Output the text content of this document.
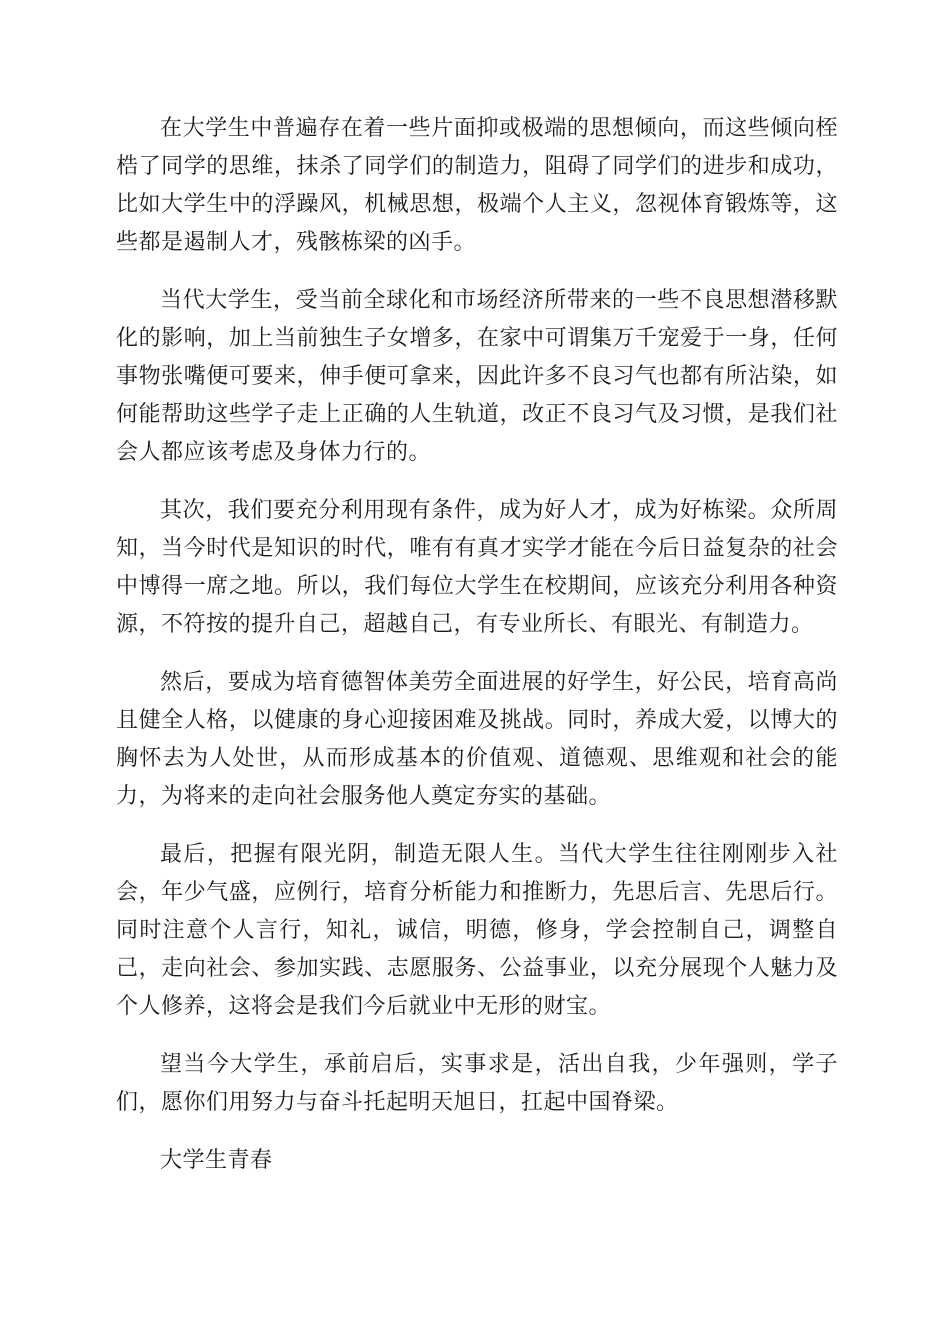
在大学生中普遍存在着一些片面抑或极端的思想倾向，而这些倾向桎梏了同学的思维，抹杀了同学们的制造力，阻碍了同学们的进步和成功，比如大学生中的浮躁风，机械思想，极端个人主义，忽视体育锻炼等，这些都是遏制人才，残骸栋梁的凶手。

当代大学生，受当前全球化和市场经济所带来的一些不良思想潜移默化的影响，加上当前独生子女增多，在家中可谓集万千宠爱于一身，任何事物张嘴便可要来，伸手便可拿来，因此许多不良习气也都有所沾染，如何能帮助这些学子走上正确的人生轨道，改正不良习气及习惯，是我们社会人都应该考虑及身体力行的。

其次，我们要充分利用现有条件，成为好人才，成为好栋梁。众所周知，当今时代是知识的时代，唯有有真才实学才能在今后日益复杂的社会中博得一席之地。所以，我们每位大学生在校期间，应该充分利用各种资源，不符按的提升自己，超越自己，有专业所长、有眼光、有制造力。

然后，要成为培育德智体美劳全面进展的好学生，好公民，培育高尚且健全人格，以健康的身心迎接困难及挑战。同时，养成大爱，以博大的胸怀去为人处世，从而形成基本的价值观、道德观、思维观和社会的能力，为将来的走向社会服务他人奠定夯实的基础。

最后，把握有限光阴，制造无限人生。当代大学生往往刚刚步入社会，年少气盛，应例行，培育分析能力和推断力，先思后言、先思后行。同时注意个人言行，知礼，诚信，明德，修身，学会控制自己，调整自己，走向社会、参加实践、志愿服务、公益事业，以充分展现个人魅力及个人修养，这将会是我们今后就业中无形的财宝。

望当今大学生，承前启后，实事求是，活出自我，少年强则，学子们，愿你们用努力与奋斗托起明天旭日，扛起中国脊梁。

大学生青春
